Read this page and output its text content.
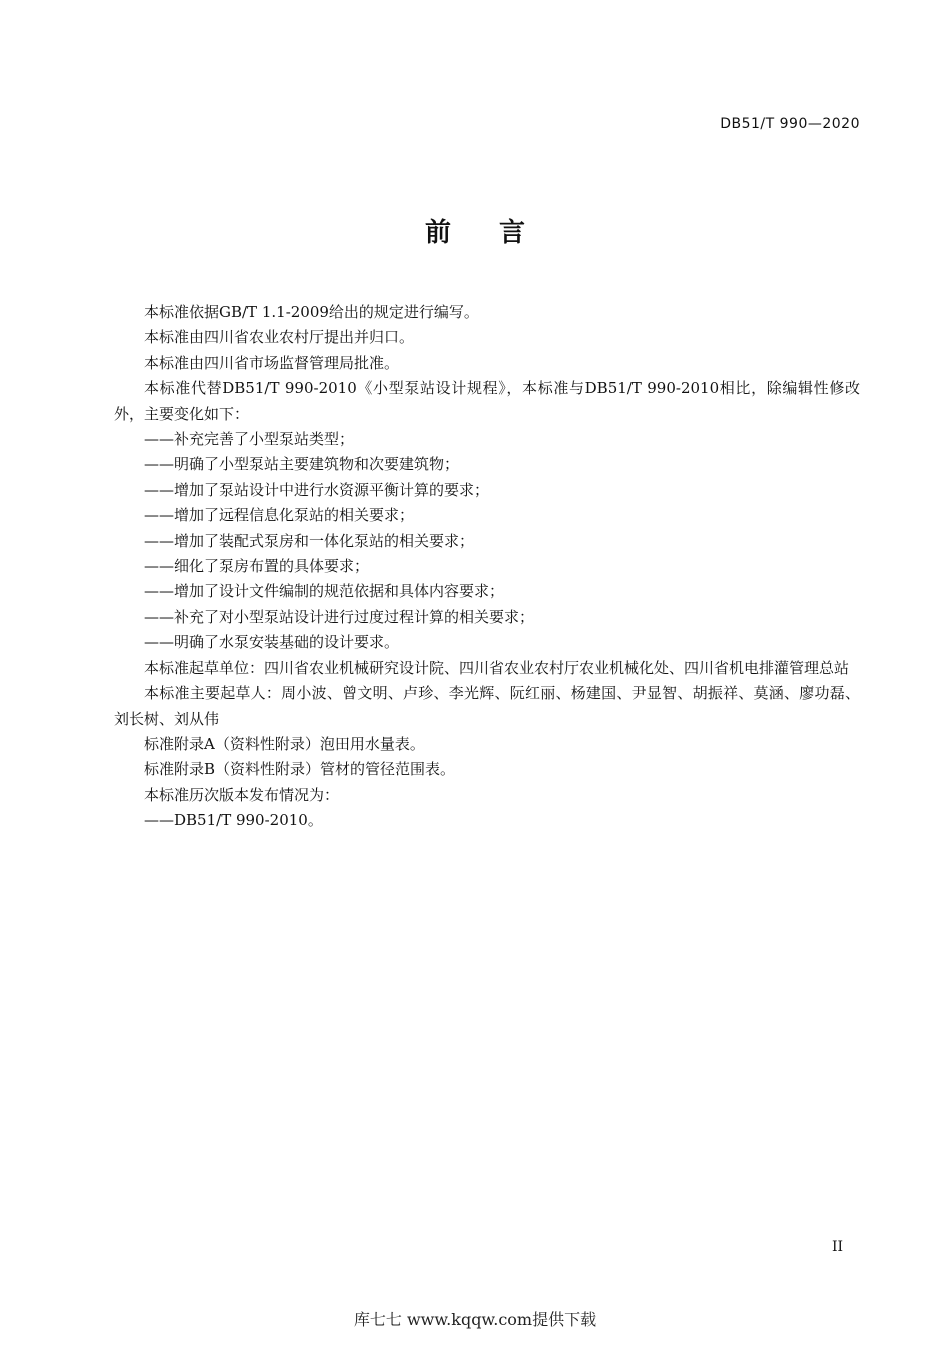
DB51/T 990—2020
前言

本标准依据GB/T 1.1-2009给出的规定进行编写。

本标准由四川省农业农村厅提出并归口。

本标准由四川省市场监督管理局批准。

本标准代替DB51/T 990-2010《小型泵站设计规程》，本标准与DB51/T 990-2010相比，除编辑性修改外，主要变化如下：

——补充完善了小型泵站类型；

——明确了小型泵站主要建筑物和次要建筑物；

——增加了泵站设计中进行水资源平衡计算的要求；

——增加了远程信息化泵站的相关要求；

——增加了装配式泵房和一体化泵站的相关要求；

——细化了泵房布置的具体要求；

——增加了设计文件编制的规范依据和具体内容要求；

——补充了对小型泵站设计进行过度过程计算的相关要求；

——明确了水泵安装基础的设计要求。

本标准起草单位：四川省农业机械研究设计院、四川省农业农村厅农业机械化处、四川省机电排灌管理总站

本标准主要起草人：周小波、曾文明、卢珍、李光辉、阮红丽、杨建国、尹显智、胡振祥、莫涵、廖功磊、刘长树、刘从伟

标准附录A（资料性附录）泡田用水量表。

标准附录B（资料性附录）管材的管径范围表。

本标准历次版本发布情况为：

——DB51/T 990-2010。

II
库七七 www.kqqw.com提供下载
